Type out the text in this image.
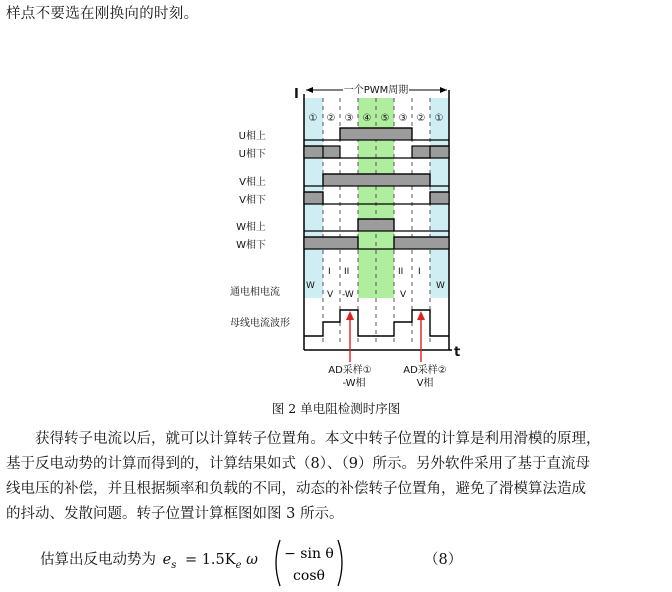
样点不要选在刚换向的时刻。
I
t
一个PWM周期
① ② ③ ④ ⑤ ③ ② ①
U相上
U相下
V相上
V相下
W相上
W相下
通电相电流
母线电流波形
I II	II I
W
V -W	V
W
AD采样①
-W相
AD采样②
V相
图 2 单电阻检测时序图

获得转子电流以后，就可以计算转子位置角。本文中转子位置的计算是利用滑模的原理，

基于反电动势的计算而得到的，计算结果如式（8）、（9）所示。另外软件采用了基于直流母

线电压的补偿，并且根据频率和负载的不同，动态的补偿转子位置角，避免了滑模算法造成

的抖动、发散问题。转子位置计算框图如图 3 所示。

估算出反电动势为 $e_s = 1.5K_e$ ω − sin θ
cosθ
（8）
